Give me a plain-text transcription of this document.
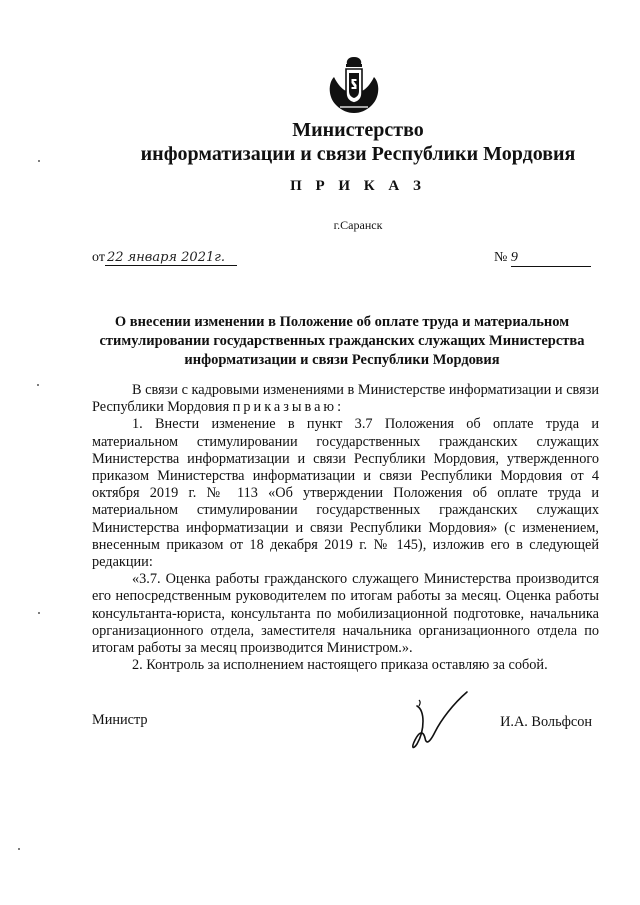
Министерство
информатизации и связи Республики Мордовия
П Р И К А З
г.Саранск
от 22 января 2021г.	№ 9
О внесении изменении в Положение об оплате труда и материальном стимулировании государственных гражданских служащих Министерства информатизации и связи Республики Мордовия

В связи с кадровыми изменениями в Министерстве информатизации и связи Республики Мордовия приказываю:

1. Внести изменение в пункт 3.7 Положения об оплате труда и материальном стимулировании государственных гражданских служащих Министерства информатизации и связи Республики Мордовия, утвержденного приказом Министерства информатизации и связи Республики Мордовия от 4 октября 2019 г. № 113 «Об утверждении Положения об оплате труда и материальном стимулировании государственных гражданских служащих Министерства информатизации и связи Республики Мордовия» (с изменением, внесенным приказом от 18 декабря 2019 г. № 145), изложив его в следующей редакции:

«3.7. Оценка работы гражданского служащего Министерства производится его непосредственным руководителем по итогам работы за месяц. Оценка работы консультанта-юриста, консультанта по мобилизационной подготовке, начальника организационного отдела, заместителя начальника организационного отдела по итогам работы за месяц производится Министром.».

2. Контроль за исполнением настоящего приказа оставляю за собой.

Министр	И.А. Вольфсон
